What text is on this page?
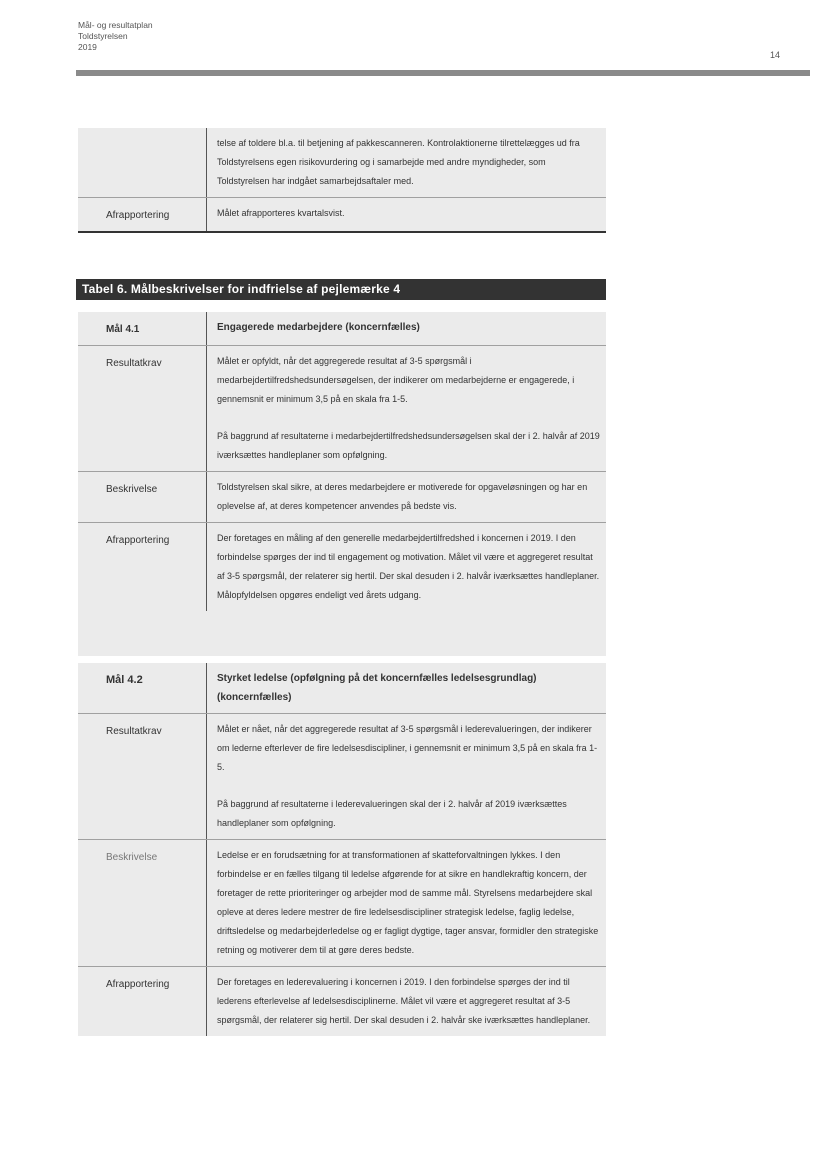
Mål- og resultatplan
Toldstyrelsen
2019
14

telse af toldere bl.a. til betjening af pakkescanneren. Kontrolaktionerne tilrettelægges ud fra Toldstyrelsens egen risikovurdering og i samarbejde med andre myndigheder, som Toldstyrelsen har indgået samarbejdsaftaler med.

Afrapportering	Målet afrapporteres kvartalsvist.

Tabel 6. Målbeskrivelser for indfrielse af pejlemærke 4
Mål 4.1	Engagerede medarbejdere (koncernfælles)
Resultatkrav	Målet er opfyldt, når det aggregerede resultat af 3-5 spørgsmål i medarbejdertilfredshedsundersøgelsen, der indikerer om medarbejderne er engagerede, i gennemsnit er minimum 3,5 på en skala fra 1-5.

På baggrund af resultaterne i medarbejdertilfredshedsundersøgelsen skal der i 2. halvår af 2019 iværksættes handleplaner som opfølgning.

Beskrivelse	Toldstyrelsen skal sikre, at deres medarbejdere er motiverede for opgaveløsningen og har en oplevelse af, at deres kompetencer anvendes på bedste vis.

Afrapportering	Der foretages en måling af den generelle medarbejdertilfredshed i koncernen i 2019. I den forbindelse spørges der ind til engagement og motivation. Målet vil være et aggregeret resultat af 3-5 spørgsmål, der relaterer sig hertil. Der skal desuden i 2. halvår iværksættes handleplaner. Målopfyldelsen opgøres endeligt ved årets udgang.

Mål 4.2	Styrket ledelse (opfølgning på det koncernfælles ledelsesgrundlag) (koncernfælles)
Resultatkrav	Målet er nået, når det aggregerede resultat af 3-5 spørgsmål i lederevalueringen, der indikerer om lederne efterlever de fire ledelsesdiscipliner, i gennemsnit er minimum 3,5 på en skala fra 1-5.

På baggrund af resultaterne i lederevalueringen skal der i 2. halvår af 2019 iværksættes handleplaner som opfølgning.

Beskrivelse	Ledelse er en forudsætning for at transformationen af skatteforvaltningen lykkes. I den forbindelse er en fælles tilgang til ledelse afgørende for at sikre en handlekraftig koncern, der foretager de rette prioriteringer og arbejder mod de samme mål. Styrelsens medarbejdere skal opleve at deres ledere mestrer de fire ledelsesdiscipliner strategisk ledelse, faglig ledelse, driftsledelse og medarbejderledelse og er fagligt dygtige, tager ansvar, formidler den strategiske retning og motiverer dem til at gøre deres bedste.

Afrapportering	Der foretages en lederevaluering i koncernen i 2019. I den forbindelse spørges der ind til lederens efterlevelse af ledelsesdisciplinerne. Målet vil være et aggregeret resultat af 3-5 spørgsmål, der relaterer sig hertil. Der skal desuden i 2. halvår ske iværksættes handleplaner.
